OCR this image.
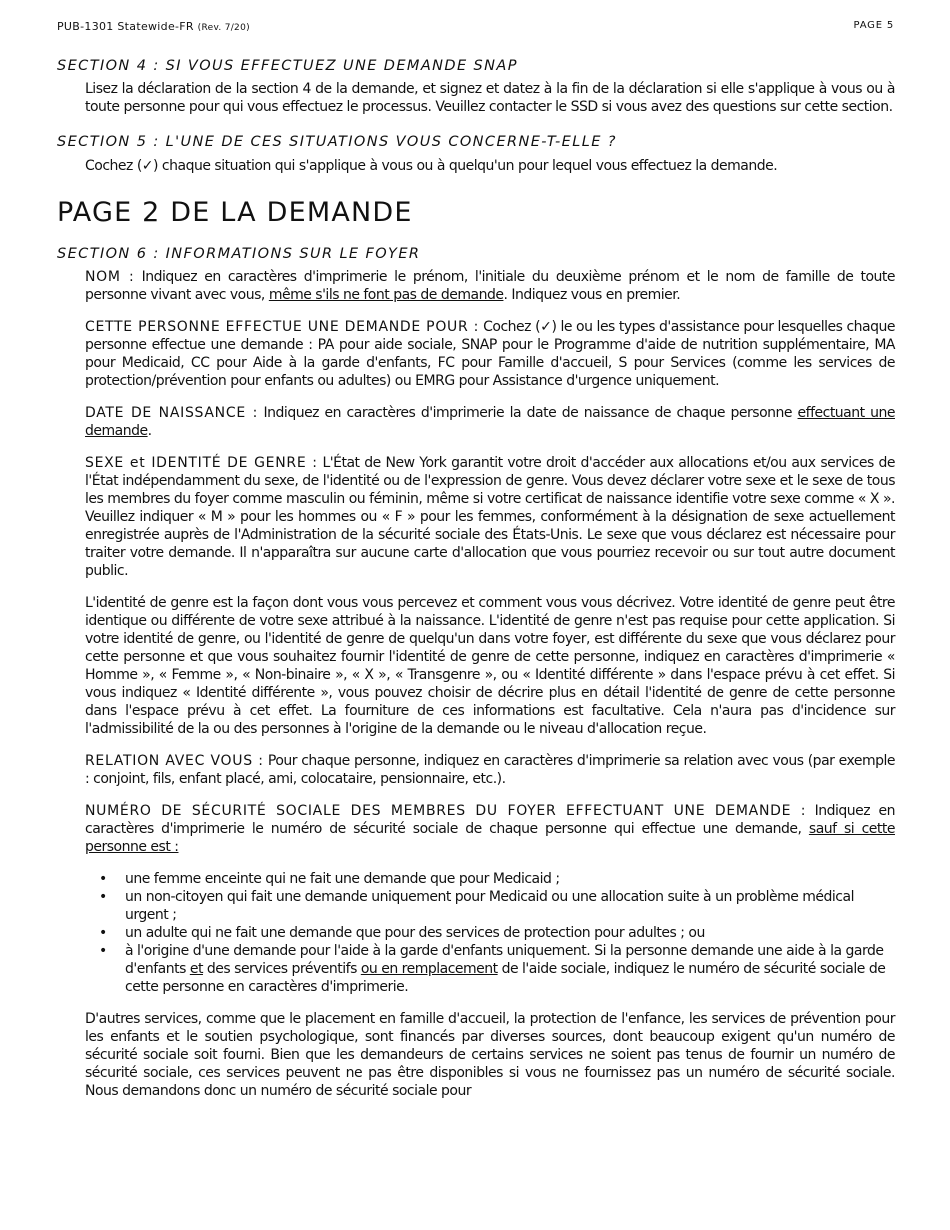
PUB-1301 Statewide-FR (Rev. 7/20)	PAGE 5
SECTION 4 : SI VOUS EFFECTUEZ UNE DEMANDE SNAP

Lisez la déclaration de la section 4 de la demande, et signez et datez à la fin de la déclaration si elle s'applique à vous ou à toute personne pour qui vous effectuez le processus. Veuillez contacter le SSD si vous avez des questions sur cette section.

SECTION 5 : L'UNE DE CES SITUATIONS VOUS CONCERNE-T-ELLE ?

Cochez (✓) chaque situation qui s'applique à vous ou à quelqu'un pour lequel vous effectuez la demande.

PAGE 2 DE LA DEMANDE
SECTION 6 : INFORMATIONS SUR LE FOYER

NOM : Indiquez en caractères d'imprimerie le prénom, l'initiale du deuxième prénom et le nom de famille de toute personne vivant avec vous, même s'ils ne font pas de demande. Indiquez vous en premier.

CETTE PERSONNE EFFECTUE UNE DEMANDE POUR : Cochez (✓) le ou les types d'assistance pour lesquelles chaque personne effectue une demande : PA pour aide sociale, SNAP pour le Programme d'aide de nutrition supplémentaire, MA pour Medicaid, CC pour Aide à la garde d'enfants, FC pour Famille d'accueil, S pour Services (comme les services de protection/prévention pour enfants ou adultes) ou EMRG pour Assistance d'urgence uniquement.

DATE DE NAISSANCE : Indiquez en caractères d'imprimerie la date de naissance de chaque personne effectuant une demande.

SEXE et IDENTITÉ DE GENRE : L'État de New York garantit votre droit d'accéder aux allocations et/ou aux services de l'État indépendamment du sexe, de l'identité ou de l'expression de genre. Vous devez déclarer votre sexe et le sexe de tous les membres du foyer comme masculin ou féminin, même si votre certificat de naissance identifie votre sexe comme « X ». Veuillez indiquer « M » pour les hommes ou « F » pour les femmes, conformément à la désignation de sexe actuellement enregistrée auprès de l'Administration de la sécurité sociale des États-Unis. Le sexe que vous déclarez est nécessaire pour traiter votre demande. Il n'apparaîtra sur aucune carte d'allocation que vous pourriez recevoir ou sur tout autre document public.

L'identité de genre est la façon dont vous vous percevez et comment vous vous décrivez. Votre identité de genre peut être identique ou différente de votre sexe attribué à la naissance. L'identité de genre n'est pas requise pour cette application. Si votre identité de genre, ou l'identité de genre de quelqu'un dans votre foyer, est différente du sexe que vous déclarez pour cette personne et que vous souhaitez fournir l'identité de genre de cette personne, indiquez en caractères d'imprimerie « Homme », « Femme », « Non-binaire », « X », « Transgenre », ou « Identité différente » dans l'espace prévu à cet effet. Si vous indiquez « Identité différente », vous pouvez choisir de décrire plus en détail l'identité de genre de cette personne dans l'espace prévu à cet effet. La fourniture de ces informations est facultative. Cela n'aura pas d'incidence sur l'admissibilité de la ou des personnes à l'origine de la demande ou le niveau d'allocation reçue.

RELATION AVEC VOUS : Pour chaque personne, indiquez en caractères d'imprimerie sa relation avec vous (par exemple : conjoint, fils, enfant placé, ami, colocataire, pensionnaire, etc.).

NUMÉRO DE SÉCURITÉ SOCIALE DES MEMBRES DU FOYER EFFECTUANT UNE DEMANDE : Indiquez en caractères d'imprimerie le numéro de sécurité sociale de chaque personne qui effectue une demande, sauf si cette personne est :

• une femme enceinte qui ne fait une demande que pour Medicaid ;
• un non-citoyen qui fait une demande uniquement pour Medicaid ou une allocation suite à un problème médical urgent ;
• un adulte qui ne fait une demande que pour des services de protection pour adultes ; ou
• à l'origine d'une demande pour l'aide à la garde d'enfants uniquement. Si la personne demande une aide à la garde d'enfants et des services préventifs ou en remplacement de l'aide sociale, indiquez le numéro de sécurité sociale de cette personne en caractères d'imprimerie.

D'autres services, comme que le placement en famille d'accueil, la protection de l'enfance, les services de prévention pour les enfants et le soutien psychologique, sont financés par diverses sources, dont beaucoup exigent qu'un numéro de sécurité sociale soit fourni. Bien que les demandeurs de certains services ne soient pas tenus de fournir un numéro de sécurité sociale, ces services peuvent ne pas être disponibles si vous ne fournissez pas un numéro de sécurité sociale. Nous demandons donc un numéro de sécurité sociale pour
